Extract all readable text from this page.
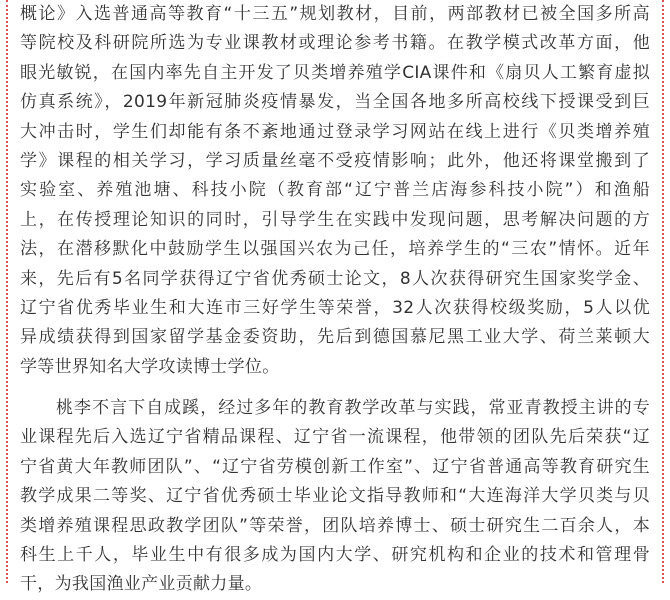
概论》入选普通高等教育“十三五”规划教材，目前，两部教材已被全国多所高
等院校及科研院所选为专业课教材或理论参考书籍。在教学模式改革方面，他
眼光敏锐，在国内率先自主开发了贝类增养殖学CIA课件和《扇贝人工繁育虚拟
仿真系统》，2019年新冠肺炎疫情暴发，当全国各地多所高校线下授课受到巨
大冲击时，学生们却能有条不紊地通过登录学习网站在线上进行《贝类增养殖
学》课程的相关学习，学习质量丝毫不受疫情影响；此外，他还将课堂搬到了
实验室、养殖池塘、科技小院（教育部“辽宁普兰店海参科技小院”）和渔船
上，在传授理论知识的同时，引导学生在实践中发现问题，思考解决问题的方
法，在潜移默化中鼓励学生以强国兴农为己任，培养学生的“三农”情怀。近年
来，先后有5名同学获得辽宁省优秀硕士论文，8人次获得研究生国家奖学金、
辽宁省优秀毕业生和大连市三好学生等荣誉，32人次获得校级奖励，5人以优
异成绩获得到国家留学基金委资助，先后到德国慕尼黑工业大学、荷兰莱顿大
学等世界知名大学攻读博士学位。
　　桃李不言下自成蹊，经过多年的教育教学改革与实践，常亚青教授主讲的专
业课程先后入选辽宁省精品课程、辽宁省一流课程，他带领的团队先后荣获“辽
宁省黄大年教师团队”、“辽宁省劳模创新工作室”、辽宁省普通高等教育研究生
教学成果二等奖、辽宁省优秀硕士毕业论文指导教师和“大连海洋大学贝类与贝
类增养殖课程思政教学团队”等荣誉，团队培养博士、硕士研究生二百余人，本
科生上千人，毕业生中有很多成为国内大学、研究机构和企业的技术和管理骨
干，为我国渔业产业贡献力量。
